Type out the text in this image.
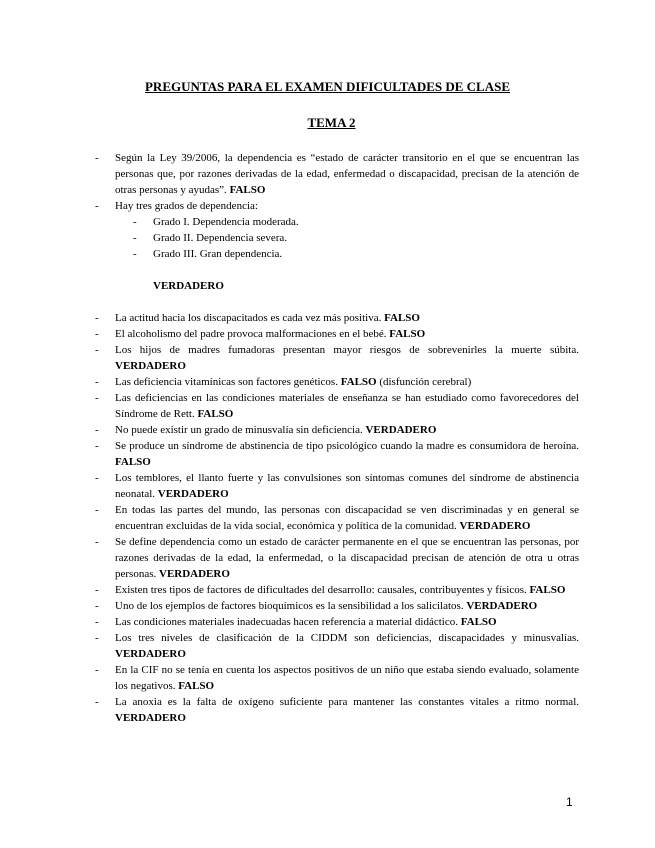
PREGUNTAS PARA EL EXAMEN DIFICULTADES DE CLASE
TEMA 2
- Según la Ley 39/2006, la dependencia es “estado de carácter transitorio en el que se encuentran las personas que, por razones derivadas de la edad, enfermedad o discapacidad, precisan de la atención de otras personas y ayudas”. FALSO
- Hay tres grados de dependencia:
- Grado I. Dependencia moderada.
- Grado II. Dependencia severa.
- Grado III. Gran dependencia.
VERDADERO
- La actitud hacia los discapacitados es cada vez más positiva. FALSO
- El alcoholismo del padre provoca malformaciones en el bebé. FALSO
- Los hijos de madres fumadoras presentan mayor riesgos de sobrevenirles la muerte súbita. VERDADERO
- Las deficiencia vitamínicas son factores genéticos. FALSO (disfunción cerebral)
- Las deficiencias en las condiciones materiales de enseñanza se han estudiado como favorecedores del Síndrome de Rett. FALSO
- No puede existir un grado de minusvalía sin deficiencia. VERDADERO
- Se produce un síndrome de abstinencia de tipo psicológico cuando la madre es consumidora de heroína. FALSO
- Los temblores, el llanto fuerte y las convulsiones son síntomas comunes del síndrome de abstinencia neonatal. VERDADERO
- En todas las partes del mundo, las personas con discapacidad se ven discriminadas y en general se encuentran excluidas de la vida social, económica y política de la comunidad. VERDADERO
- Se define dependencia como un estado de carácter permanente en el que se encuentran las personas, por razones derivadas de la edad, la enfermedad, o la discapacidad precisan de atención de otra u otras personas. VERDADERO
- Existen tres tipos de factores de dificultades del desarrollo: causales, contribuyentes y físicos. FALSO
- Uno de los ejemplos de factores bioquímicos es la sensibilidad a los salicilatos. VERDADERO
- Las condiciones materiales inadecuadas hacen referencia a material didáctico. FALSO
- Los tres niveles de clasificación de la CIDDM son deficiencias, discapacidades y minusvalías. VERDADERO
- En la CIF no se tenía en cuenta los aspectos positivos de un niño que estaba siendo evaluado, solamente los negativos. FALSO
- La anoxia es la falta de oxígeno suficiente para mantener las constantes vitales a ritmo normal. VERDADERO
1
